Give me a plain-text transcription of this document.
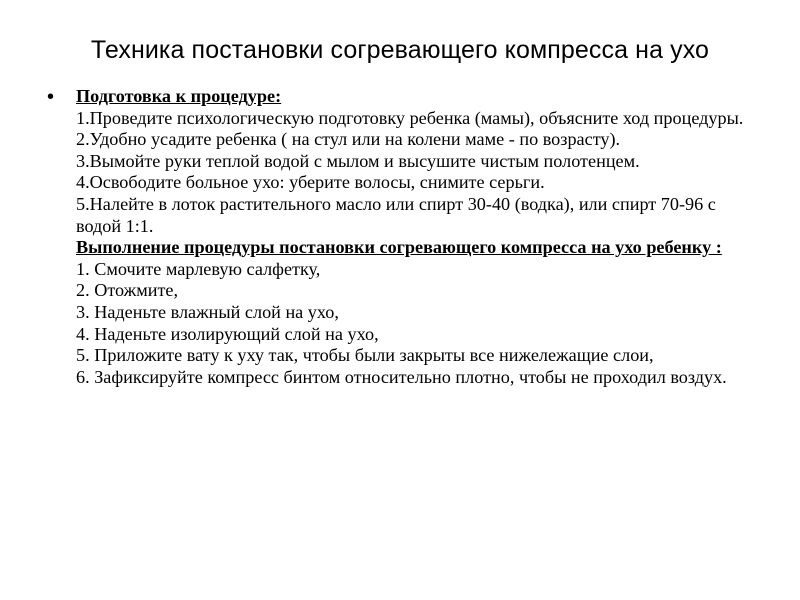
Техника постановки согревающего компресса на ухо
• Подготовка к процедуре:
1.Проведите психологическую подготовку ребенка (мамы), объясните ход процедуры.
2.Удобно усадите ребенка ( на стул или на колени маме - по возрасту).
3.Вымойте руки теплой водой с мылом и высушите чистым полотенцем.
4.Освободите больное ухо: уберите волосы, снимите серьги.
5.Налейте в лоток растительного масло или спирт 30-40 (водка), или спирт 70-96 с водой 1:1.
Выполнение процедуры постановки согревающего компресса на ухо ребенку :
1. Смочите марлевую салфетку,
2. Отожмите,
3. Наденьте влажный слой на ухо,
4. Наденьте изолирующий слой на ухо,
5. Приложите вату к уху так, чтобы были закрыты все нижележащие слои,
6. Зафиксируйте компресс бинтом относительно плотно, чтобы не проходил воздух.
